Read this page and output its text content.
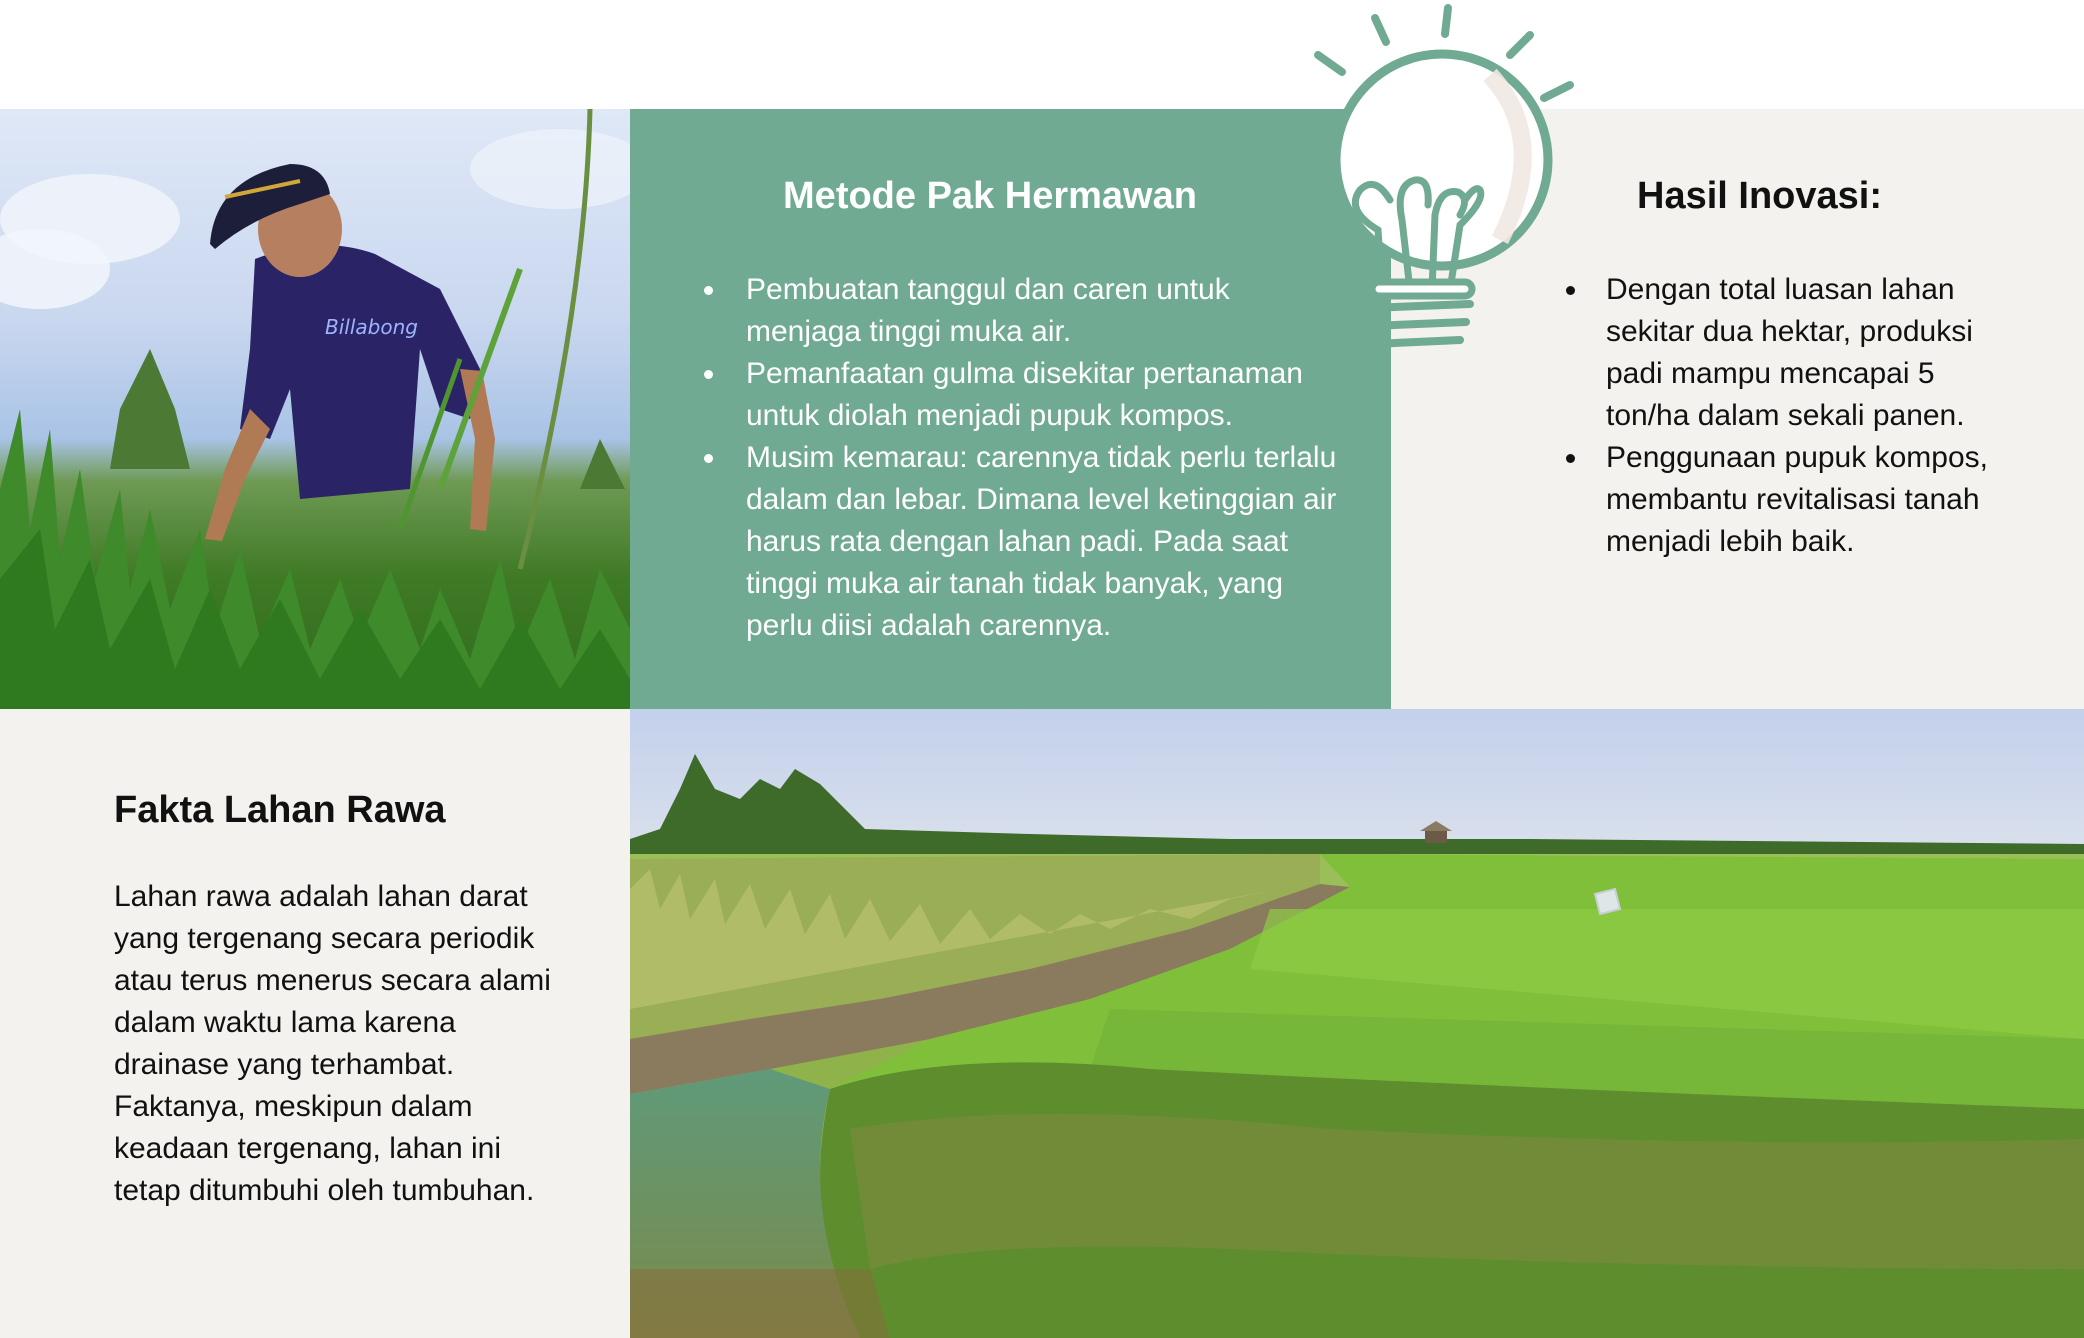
Billabong
Metode Pak Hermawan
Pembuatan tanggul dan caren untuk menjaga tinggi muka air.
Pemanfaatan gulma disekitar pertanaman untuk diolah menjadi pupuk kompos.
Musim kemarau: carennya tidak perlu terlalu dalam dan lebar. Dimana level ketinggian air harus rata dengan lahan padi. Pada saat tinggi muka air tanah tidak banyak, yang perlu diisi adalah carennya.
Hasil Inovasi:
Dengan total luasan lahan sekitar dua hektar, produksi padi mampu mencapai 5 ton/ha dalam sekali panen.
Penggunaan pupuk kompos, membantu revitalisasi tanah menjadi lebih baik.
Fakta Lahan Rawa

Lahan rawa adalah lahan darat yang tergenang secara periodik atau terus menerus secara alami dalam waktu lama karena drainase yang terhambat. Faktanya, meskipun dalam keadaan tergenang, lahan ini tetap ditumbuhi oleh tumbuhan.
